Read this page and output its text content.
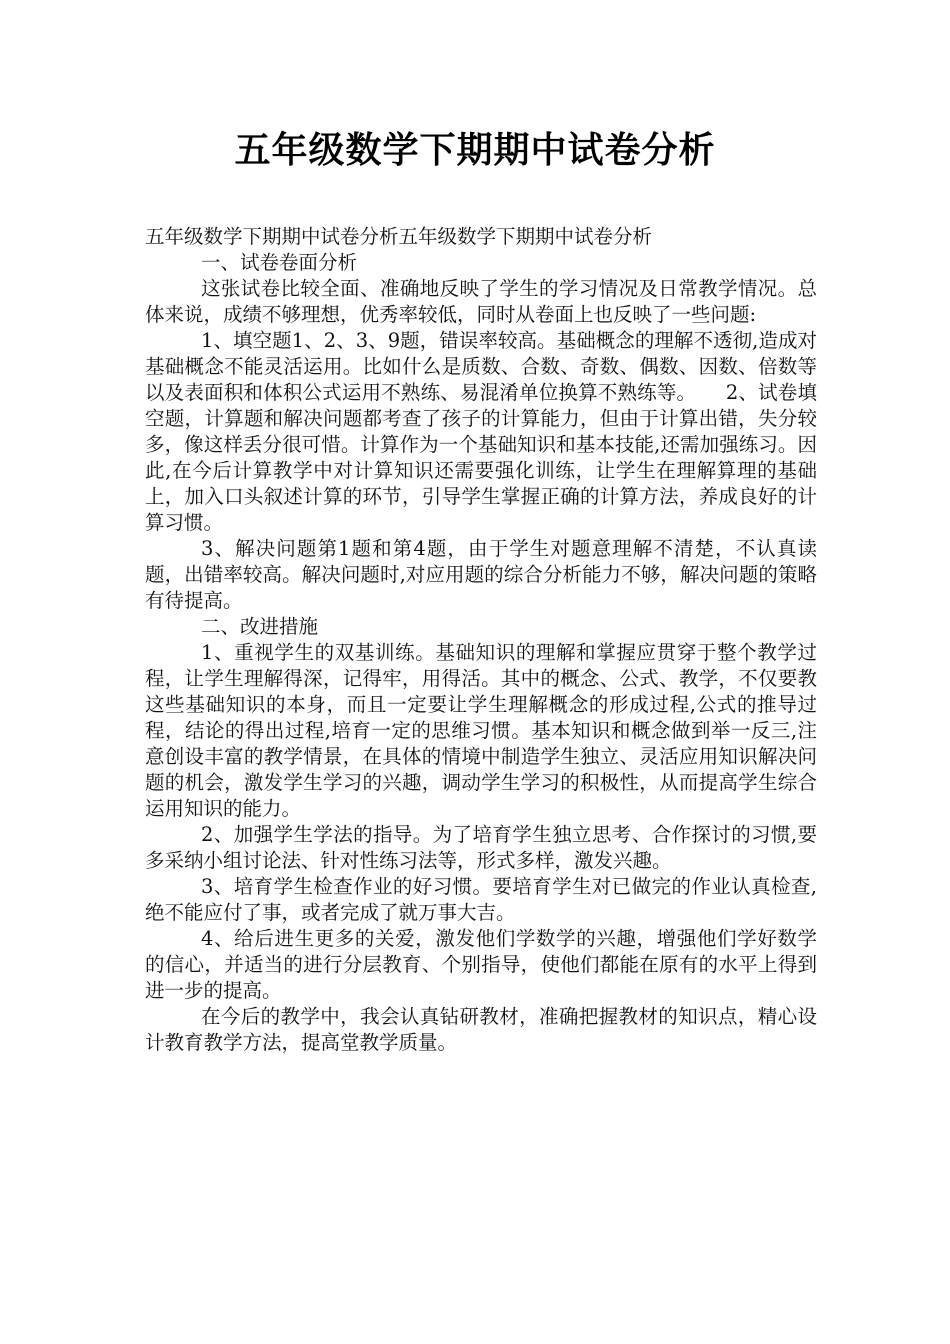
五年级数学下期期中试卷分析

五年级数学下期期中试卷分析五年级数学下期期中试卷分析

一、试卷卷面分析

这张试卷比较全面、准确地反映了学生的学习情况及日常教学情况。总体来说，成绩不够理想，优秀率较低，同时从卷面上也反映了一些问题:

1、填空题1、2、3、9题，错误率较高。基础概念的理解不透彻,造成对基础概念不能灵活运用。比如什么是质数、合数、奇数、偶数、因数、倍数等以及表面积和体积公式运用不熟练、易混淆单位换算不熟练等。　　2、试卷填空题，计算题和解决问题都考查了孩子的计算能力，但由于计算出错，失分较多，像这样丢分很可惜。计算作为一个基础知识和基本技能,还需加强练习。因此,在今后计算教学中对计算知识还需要强化训练，让学生在理解算理的基础上，加入口头叙述计算的环节，引导学生掌握正确的计算方法，养成良好的计算习惯。

3、解决问题第1题和第4题，由于学生对题意理解不清楚，不认真读题，出错率较高。解决问题时,对应用题的综合分析能力不够，解决问题的策略有待提高。

二、改进措施

1、重视学生的双基训练。基础知识的理解和掌握应贯穿于整个教学过程，让学生理解得深，记得牢，用得活。其中的概念、公式、教学，不仅要教这些基础知识的本身，而且一定要让学生理解概念的形成过程,公式的推导过程，结论的得出过程,培育一定的思维习惯。基本知识和概念做到举一反三,注意创设丰富的教学情景，在具体的情境中制造学生独立、灵活应用知识解决问题的机会，激发学生学习的兴趣，调动学生学习的积极性，从而提高学生综合运用知识的能力。

2、加强学生学法的指导。为了培育学生独立思考、合作探讨的习惯,要多采纳小组讨论法、针对性练习法等，形式多样，激发兴趣。

3、培育学生检查作业的好习惯。要培育学生对已做完的作业认真检查,绝不能应付了事，或者完成了就万事大吉。

4、给后进生更多的关爱，激发他们学数学的兴趣，增强他们学好数学的信心，并适当的进行分层教育、个别指导，使他们都能在原有的水平上得到进一步的提高。

在今后的教学中，我会认真钻研教材，准确把握教材的知识点，精心设计教育教学方法，提高堂教学质量。
